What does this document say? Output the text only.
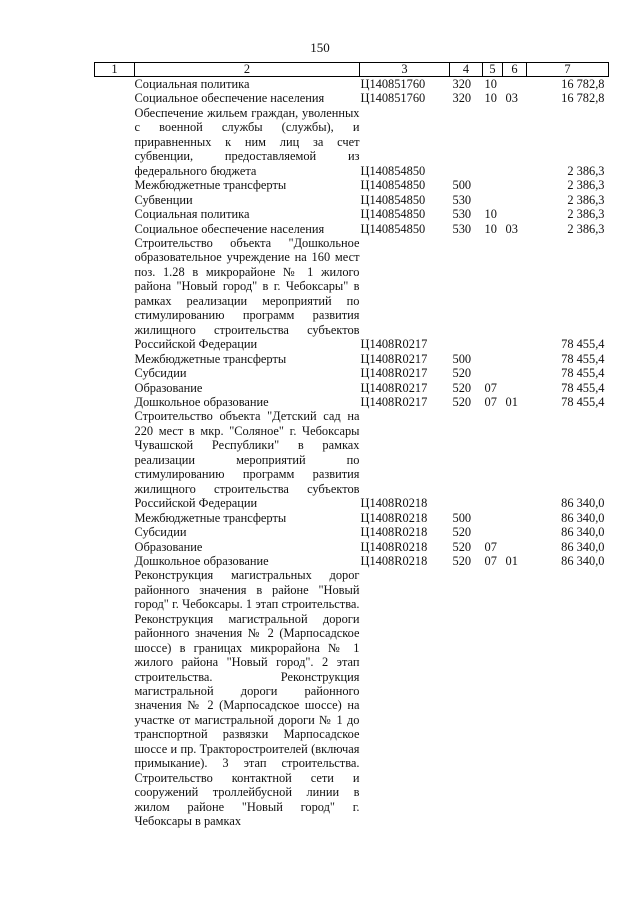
150
1	2	3	4	5	6	7
	Социальная политика	Ц140851760	320	10		16 782,8
	Социальное обеспечение населения	Ц140851760	320	10	03	16 782,8
	Обеспечение жильем граждан, уволенных с военной службы (службы), и приравненных к ним лиц за счет субвенции, предоставляемой из федерального бюджета	Ц140854850				2 386,3
	Межбюджетные трансферты	Ц140854850	500			2 386,3
	Субвенции	Ц140854850	530			2 386,3
	Социальная политика	Ц140854850	530	10		2 386,3
	Социальное обеспечение населения	Ц140854850	530	10	03	2 386,3
	Строительство объекта "Дошкольное образовательное учреждение на 160 мест поз. 1.28 в микрорайоне № 1 жилого района "Новый город" в г. Чебоксары" в рамках реализации мероприятий по стимулированию программ развития жилищного строительства субъектов Российской Федерации	Ц1408R0217				78 455,4
	Межбюджетные трансферты	Ц1408R0217	500			78 455,4
	Субсидии	Ц1408R0217	520			78 455,4
	Образование	Ц1408R0217	520	07		78 455,4
	Дошкольное образование	Ц1408R0217	520	07	01	78 455,4
	Строительство объекта "Детский сад на 220 мест в мкр. "Соляное" г. Чебоксары Чувашской Республики" в рамках реализации мероприятий по стимулированию программ развития жилищного строительства субъектов Российской Федерации	Ц1408R0218				86 340,0
	Межбюджетные трансферты	Ц1408R0218	500			86 340,0
	Субсидии	Ц1408R0218	520			86 340,0
	Образование	Ц1408R0218	520	07		86 340,0
	Дошкольное образование	Ц1408R0218	520	07	01	86 340,0
	Реконструкция магистральных дорог районного значения в районе "Новый город" г. Чебоксары. 1 этап строительства. Реконструкция магистральной дороги районного значения № 2 (Марпосадское шоссе) в границах микрорайона № 1 жилого района "Новый город". 2 этап строительства. Реконструкция магистральной дороги районного значения № 2 (Марпосадское шоссе) на участке от магистральной дороги № 1 до транспортной развязки Марпосадское шоссе и пр. Тракторостроителей (включая примыкание). 3 этап строительства. Строительство контактной сети и сооружений троллейбусной линии в жилом районе "Новый город" г. Чебоксары в рамках					
